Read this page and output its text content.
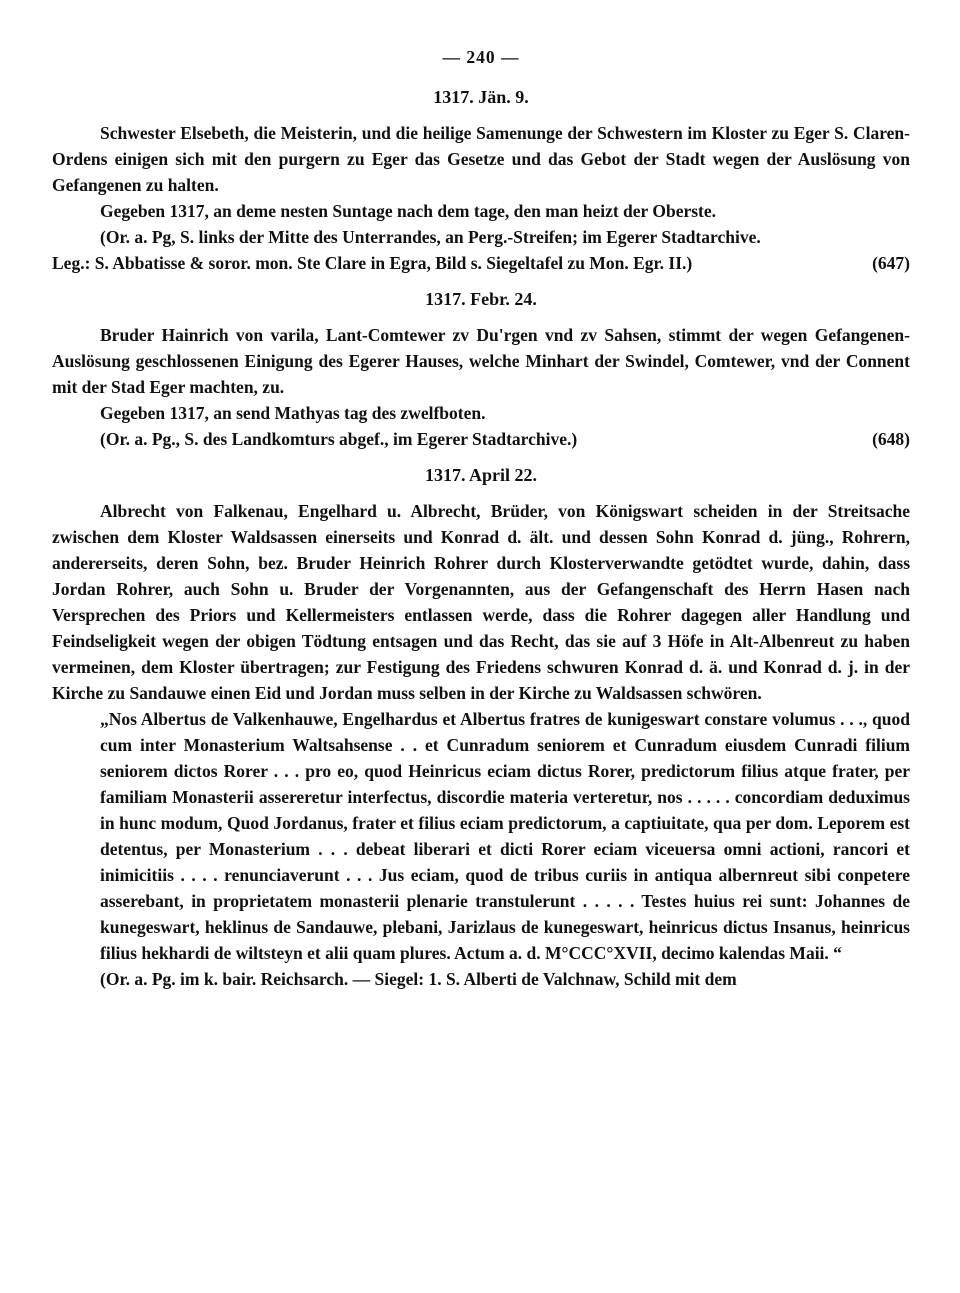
— 240 —
1317. Jän. 9.

Schwester Elsebeth, die Meisterin, und die heilige Samenunge der Schwestern im Kloster zu Eger S. Claren-Ordens einigen sich mit den purgern zu Eger das Gesetze und das Gebot der Stadt wegen der Auslösung von Gefangenen zu halten.

Gegeben 1317, an deme nesten Suntage nach dem tage, den man heizt der Oberste.

(Or. a. Pg, S. links der Mitte des Unterrandes, an Perg.-Streifen; im Egerer Stadtarchive.

Leg.: S. Abbatisse & soror. mon. Ste Clare in Egra, Bild s. Siegeltafel zu Mon. Egr. II.)	(647)
1317. Febr. 24.

Bruder Hainrich von varila, Lant-Comtewer zv Du'rgen vnd zv Sahsen, stimmt der wegen Gefangenen-Auslösung geschlossenen Einigung des Egerer Hauses, welche Minhart der Swindel, Comtewer, vnd der Connent mit der Stad Eger machten, zu.

Gegeben 1317, an send Mathyas tag des zwelfboten.

(Or. a. Pg., S. des Landkomturs abgef., im Egerer Stadtarchive.)	(648)
1317. April 22.

Albrecht von Falkenau, Engelhard u. Albrecht, Brüder, von Königswart scheiden in der Streitsache zwischen dem Kloster Waldsassen einerseits und Konrad d. ält. und dessen Sohn Konrad d. jüng., Rohrern, andererseits, deren Sohn, bez. Bruder Heinrich Rohrer durch Klosterverwandte getödtet wurde, dahin, dass Jordan Rohrer, auch Sohn u. Bruder der Vorgenannten, aus der Gefangenschaft des Herrn Hasen nach Versprechen des Priors und Kellermeisters entlassen werde, dass die Rohrer dagegen aller Handlung und Feindseligkeit wegen der obigen Tödtung entsagen und das Recht, das sie auf 3 Höfe in Alt-Albenreut zu haben vermeinen, dem Kloster übertragen; zur Festigung des Friedens schwuren Konrad d. ä. und Konrad d. j. in der Kirche zu Sandauwe einen Eid und Jordan muss selben in der Kirche zu Waldsassen schwören.

„Nos Albertus de Valkenhauwe, Engelhardus et Albertus fratres de kunigeswart constare volumus . . ., quod cum inter Monasterium Waltsahsense . . et Cunradum seniorem et Cunradum eiusdem Cunradi filium seniorem dictos Rorer . . . pro eo, quod Heinricus eciam dictus Rorer, predictorum filius atque frater, per familiam Monasterii assereretur interfectus, discordie materia verteretur, nos . . . . . concordiam deduximus in hunc modum, Quod Jordanus, frater et filius eciam predictorum, a captiuitate, qua per dom. Leporem est detentus, per Monasterium . . . debeat liberari et dicti Rorer eciam viceuersa omni actioni, rancori et inimicitiis . . . . renunciaverunt . . . Jus eciam, quod de tribus curiis in antiqua albernreut sibi conpetere asserebant, in proprietatem monasterii plenarie transtulerunt . . . . . Testes huius rei sunt: Johannes de kunegeswart, heklinus de Sandauwe, plebani, Jarizlaus de kunegeswart, heinricus dictus Insanus, heinricus filius hekhardi de wiltsteyn et alii quam plures. Actum a. d. M°CCC°XVII, decimo kalendas Maii. “

(Or. a. Pg. im k. bair. Reichsarch. — Siegel: 1. S. Alberti de Valchnaw, Schild mit dem
